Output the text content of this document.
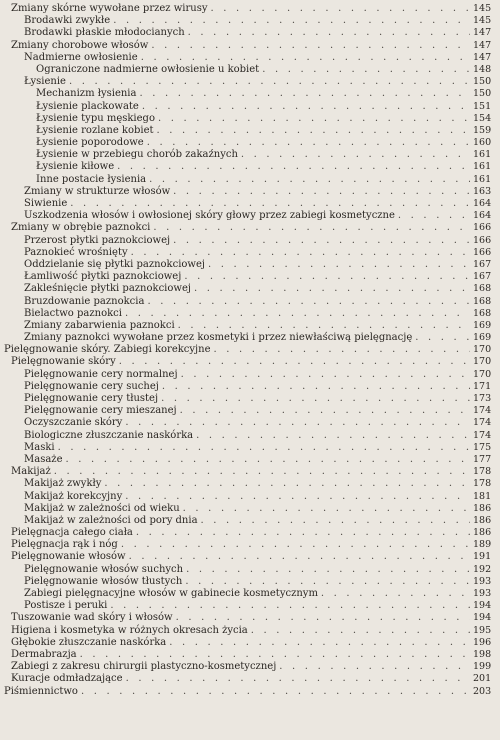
Zmiany skórne wywołane przez wirusy . . .	145
Brodawki zwykłe . . .	145
Brodawki płaskie młodocianych . . .	147
Zmiany chorobowe włosów . . .	147
Nadmierne owłosienie . . .	147
Ograniczone nadmierne owłosienie u kobiet . . .	148
Łysienie . . .	150
Mechanizm łysienia . . .	150
Łysienie plackowate . . .	151
Łysienie typu męskiego . . .	154
Łysienie rozlane kobiet . . .	159
Łysienie poporodowe . . .	160
Łysienie w przebiegu chorób zakaźnych . . .	161
Łysienie kiłowe . . .	161
Inne postacie łysienia . . .	161
Zmiany w strukturze włosów . . .	163
Siwienie . . .	164
Uszkodzenia włosów i owłosionej skóry głowy przez zabiegi kosmetyczne . . .	164
Zmiany w obrębie paznokci . . .	166
Przerost płytki paznokciowej . . .	166
Paznokieć wrośnięty . . .	166
Oddzielanie się płytki paznokciowej . . .	167
Łamliwość płytki paznokciowej . . .	167
Zakleśnięcie płytki paznokciowej . . .	168
Bruzdowanie paznokcia . . .	168
Bielactwo paznokci . . .	168
Zmiany zabarwienia paznokci . . .	169
Zmiany paznokci wywołane przez kosmetyki i przez niewłaściwą pielęgnację . . .	169
Pielęgnowanie skóry. Zabiegi korekcyjne . . .	170
Pielęgnowanie skóry . . .	170
Pielęgnowanie cery normalnej . . .	170
Pielęgnowanie cery suchej . . .	171
Pielęgnowanie cery tłustej . . .	173
Pielęgnowanie cery mieszanej . . .	174
Oczyszczanie skóry . . .	174
Biologiczne złuszczanie naskórka . . .	174
Maski . . .	175
Masaże . . .	177
Makijaż . . .	178
Makijaż zwykły . . .	178
Makijaż korekcyjny . . .	181
Makijaż w zależności od wieku . . .	186
Makijaż w zależności od pory dnia . . .	186
Pielęgnacja całego ciała . . .	186
Pielęgnacja rąk i nóg . . .	189
Pielęgnowanie włosów . . .	191
Pielęgnowanie włosów suchych . . .	192
Pielęgnowanie włosów tłustych . . .	193
Zabiegi pielęgnacyjne włosów w gabinecie kosmetycznym . . .	193
Postisze i peruki . . .	194
Tuszowanie wad skóry i włosów . . .	194
Higiena i kosmetyka w różnych okresach życia . . .	195
Głębokie złuszczanie naskórka . . .	196
Dermabrazja . . .	198
Zabiegi z zakresu chirurgii plastyczno-kosmetycznej . . .	199
Kuracje odmładzające . . .	201
Piśmiennictwo . . .	203
